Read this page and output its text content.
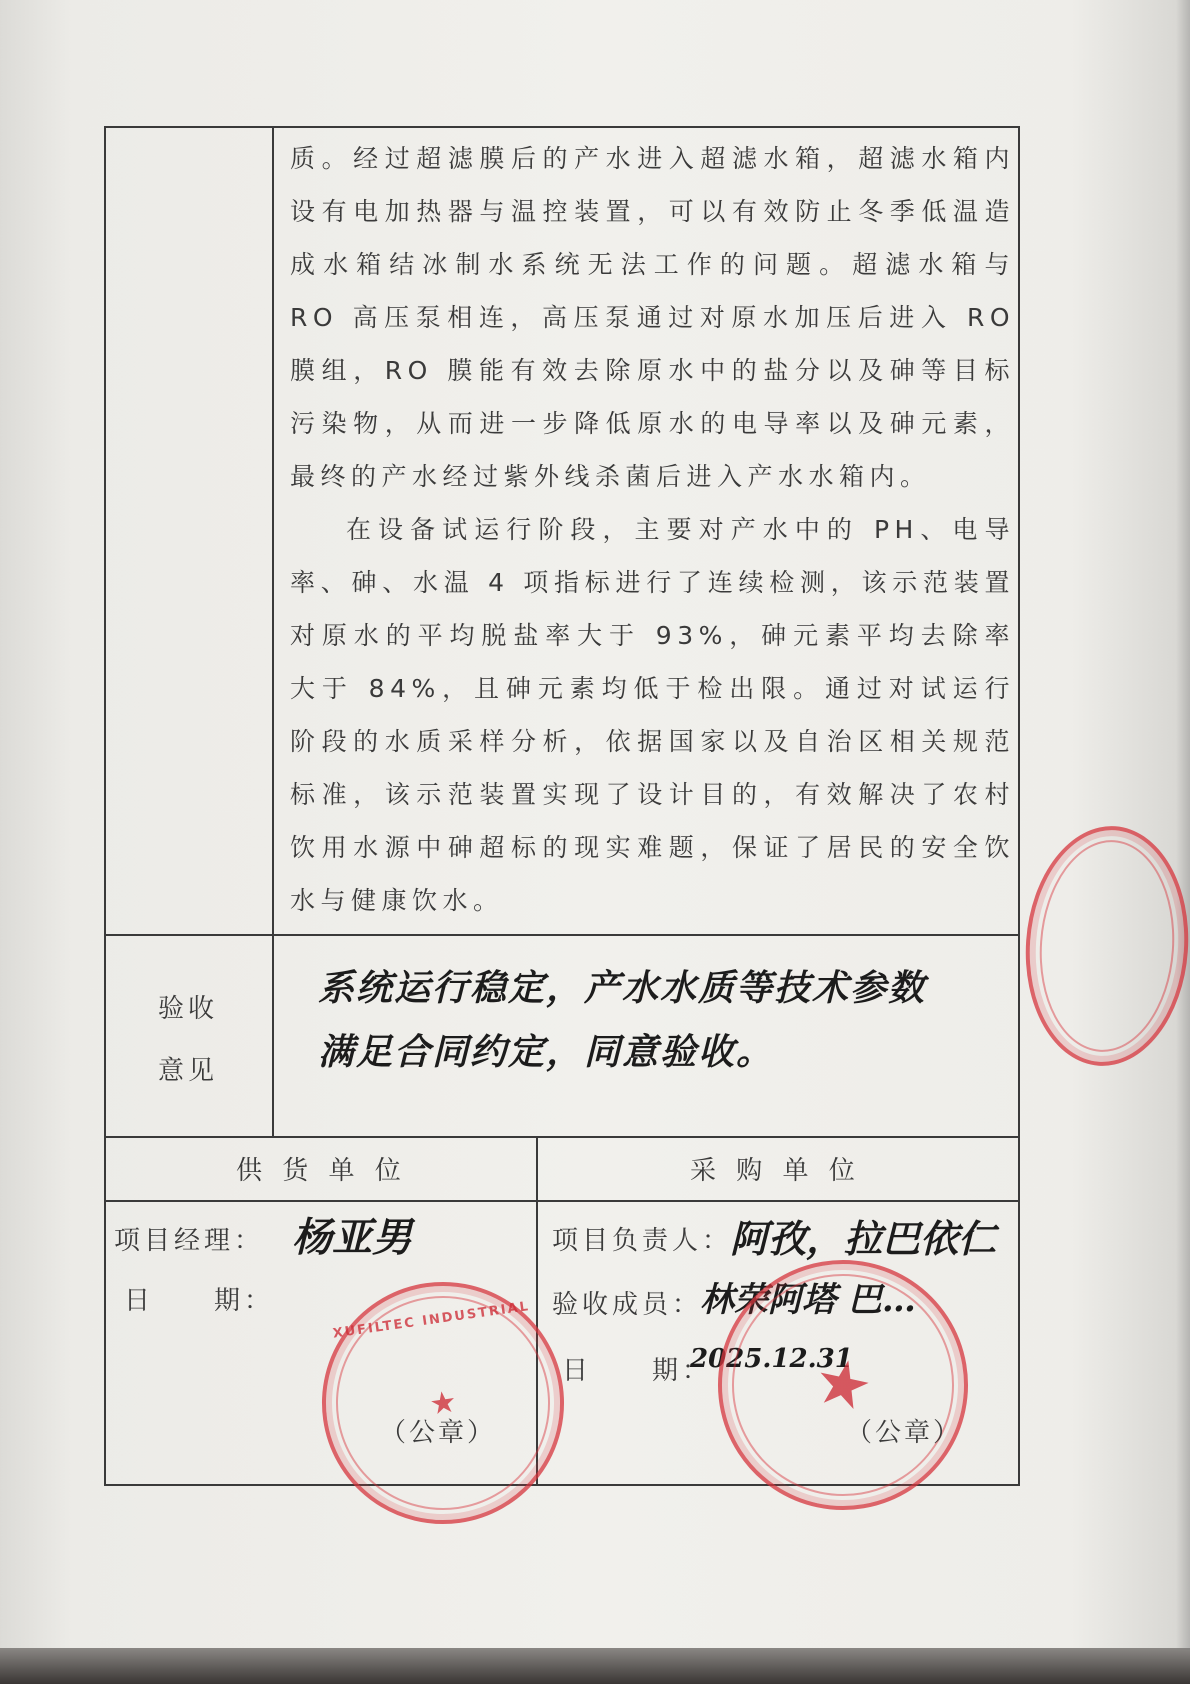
质。经过超滤膜后的产水进入超滤水箱，超滤水箱内设有电加热器与温控装置，可以有效防止冬季低温造成水箱结冰制水系统无法工作的问题。超滤水箱与 RO 高压泵相连，高压泵通过对原水加压后进入 RO 膜组，RO 膜能有效去除原水中的盐分以及砷等目标污染物，从而进一步降低原水的电导率以及砷元素，最终的产水经过紫外线杀菌后进入产水水箱内。

在设备试运行阶段，主要对产水中的 PH、电导率、砷、水温 4 项指标进行了连续检测，该示范装置对原水的平均脱盐率大于 93%，砷元素平均去除率大于 84%，且砷元素均低于检出限。通过对试运行阶段的水质采样分析，依据国家以及自治区相关规范标准，该示范装置实现了设计目的，有效解决了农村饮用水源中砷超标的现实难题，保证了居民的安全饮水与健康饮水。

验收
意见
系统运行稳定，产水水质等技术参数
满足合同约定，同意验收。
供 货 单 位	采 购 单 位
项目经理： 杨亚男
日　　期：	XUFILTEC INDUSTRIAL
★
（公章）
项目负责人：
阿孜，拉巴依仁
验收成员：
林荣阿塔 巴…
日　　期：
2025.12.31
★
（公章）
